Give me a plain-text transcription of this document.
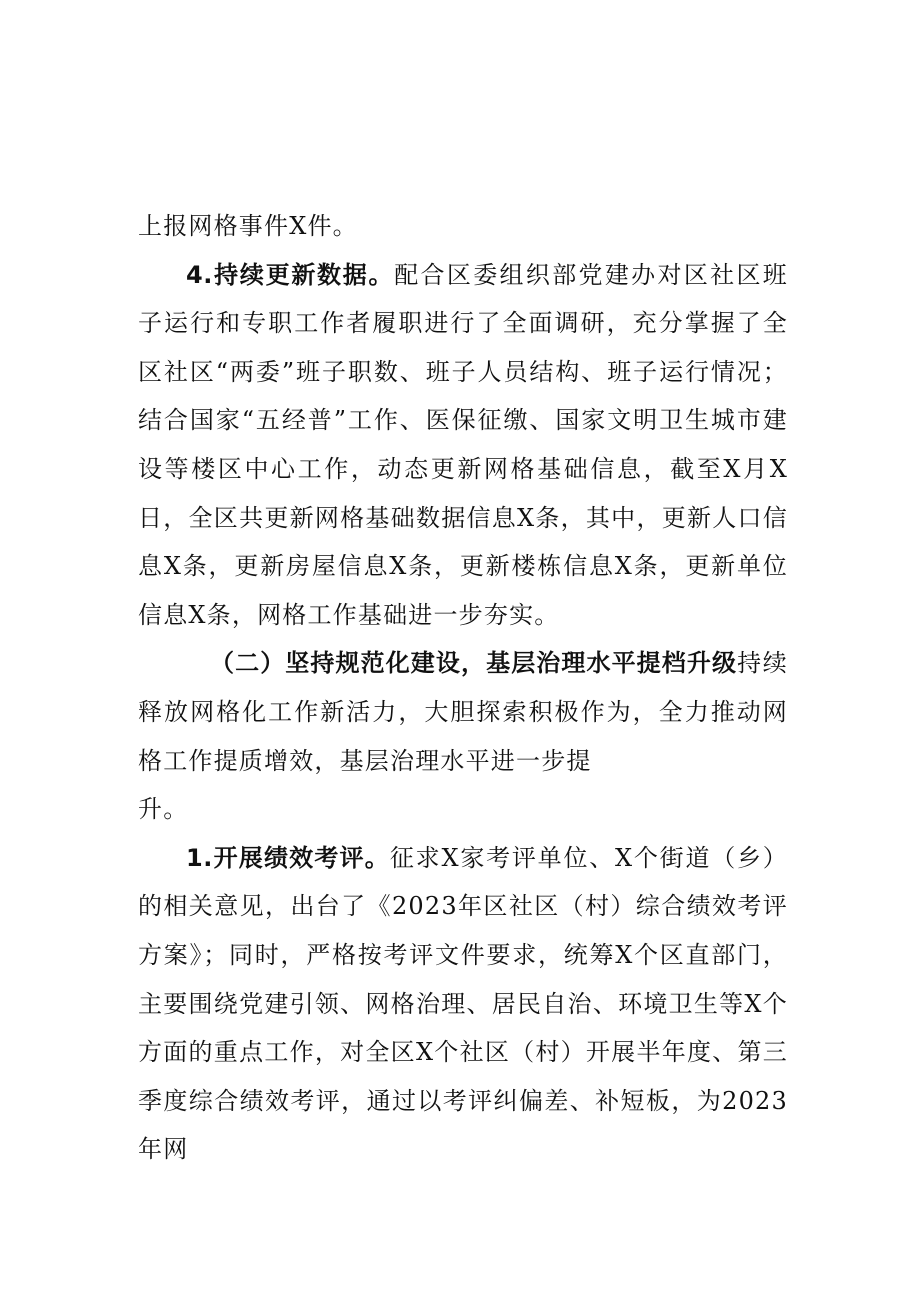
上报网格事件X件。

4.持续更新数据。配合区委组织部党建办对区社区班子运行和专职工作者履职进行了全面调研，充分掌握了全区社区“两委”班子职数、班子人员结构、班子运行情况；结合国家“五经普”工作、医保征缴、国家文明卫生城市建设等楼区中心工作，动态更新网格基础信息，截至X月X日，全区共更新网格基础数据信息X条，其中，更新人口信息X条，更新房屋信息X条，更新楼栋信息X条，更新单位信息X条，网格工作基础进一步夯实。

（二）坚持规范化建设，基层治理水平提档升级持续释放网格化工作新活力，大胆探索积极作为，全力推动网格工作提质增效，基层治理水平进一步提
升。

1.开展绩效考评。征求X家考评单位、X个街道（乡）的相关意见，出台了《2023年区社区（村）综合绩效考评方案》；同时，严格按考评文件要求，统筹X个区直部门，主要围绕党建引领、网格治理、居民自治、环境卫生等X个方面的重点工作，对全区X个社区（村）开展半年度、第三季度综合绩效考评，通过以考评纠偏差、补短板，为2023年网
